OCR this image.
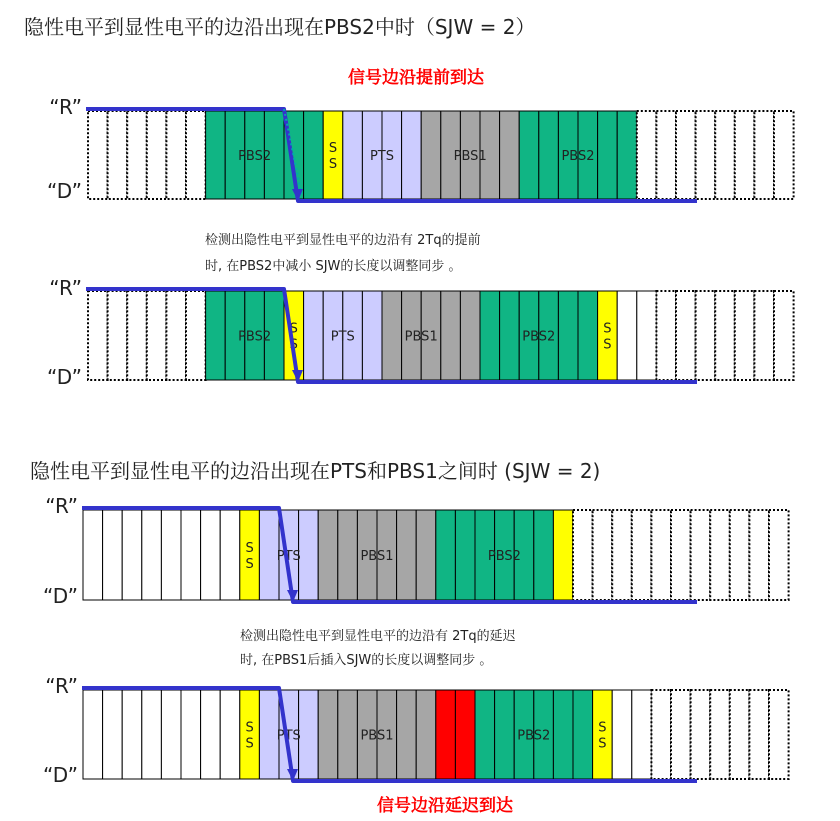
隐性电平到显性电平的边沿出现在PBS2中时（SJW = 2）
信号边沿提前到达
“R”
“D”
PBS2
S
S
PTS	PBS1	PBS2
检测出隐性电平到显性电平的边沿有 2Tq的提前
时, 在PBS2中减小 SJW的长度以调整同步 。
“R”
“D”
PBS2
S
S
PTS	PBS1	PBS2
S
S
隐性电平到显性电平的边沿出现在PTS和PBS1之间时 (SJW = 2)
“R”
“D”
S
S
PTS	PBS1	PBS2
检测出隐性电平到显性电平的边沿有 2Tq的延迟
时, 在PBS1后插入SJW的长度以调整同步 。
“R”
“D”
S
S
PTS	PBS1	PBS2
S
S
信号边沿延迟到达
